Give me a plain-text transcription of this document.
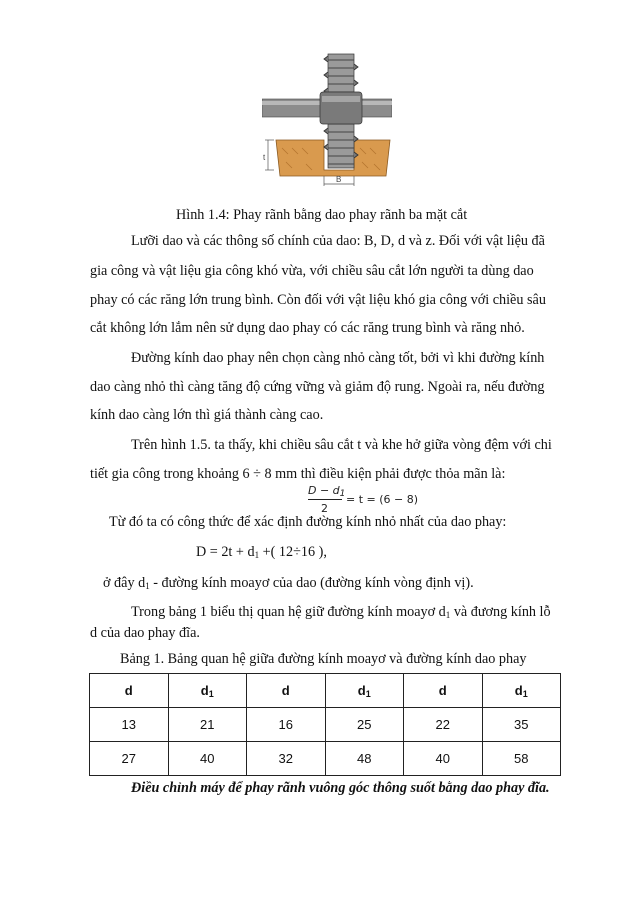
t
B
Hình 1.4: Phay rãnh bằng dao phay rãnh ba mặt cắt
Lưỡi dao và các thông số chính của dao: B, D, d và z. Đối với vật liệu đã
gia công và vật liệu gia công khó vừa, với chiều sâu cắt lớn người ta dùng dao
phay có các răng lớn trung bình. Còn đối với vật liệu khó gia công với chiều sâu
cắt không lớn lắm nên sử dụng dao phay có các răng trung bình và răng nhỏ.
Đường kính dao phay nên chọn càng nhỏ càng tốt, bởi vì khi đường kính
dao càng nhỏ thì càng tăng độ cứng vững và giảm độ rung. Ngoài ra, nếu đường
kính dao càng lớn thì giá thành càng cao.
Trên hình 1.5. ta thấy, khi chiều sâu cắt t và khe hở giữa vòng đệm với chi
tiết gia công trong khoảng 6 ÷ 8 mm thì điều kiện phải được thỏa mãn là:
$D - d_1$
2
= t = (6 − 8)
Từ đó ta có công thức để xác định đường kính nhỏ nhất của dao phay:
$D = 2t + d_1$ +( 12÷16 ),
ở đây $d_1$ - đường kính moayơ của dao (đường kính vòng định vị).
Trong bảng 1 biểu thị quan hệ giữ đường kính moayơ $d_1$ và đương kính lỗ
d của dao phay đĩa.
Bảng 1. Bảng quan hệ giữa đường kính moayơ và đường kính dao phay
d	$d_1$	d	$d_1$	d	$d_1$
13	21	16	25	22	35
27	40	32	48	40	58
Điều chỉnh máy để phay rãnh vuông góc thông suốt bằng dao phay đĩa.
